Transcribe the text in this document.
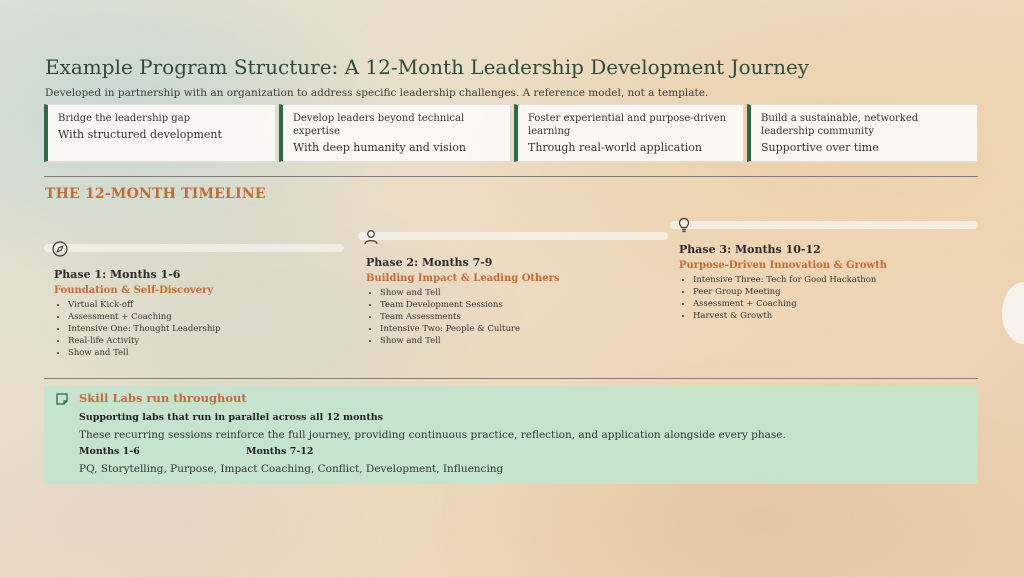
Example Program Structure: A 12-Month Leadership Development Journey
Developed in partnership with an organization to address specific leadership challenges. A reference model, not a template.
Bridge the leadership gap
With structured development
Develop leaders beyond technical expertise
With deep humanity and vision
Foster experiential and purpose-driven learning
Through real-world application
Build a sustainable, networked leadership community
Supportive over time
THE 12-MONTH TIMELINE
Phase 1: Months 1-6
Foundation & Self-Discovery
• Virtual Kick-off
• Assessment + Coaching
• Intensive One: Thought Leadership
• Real-life Activity
• Show and Tell
Phase 2: Months 7-9
Building Impact & Leading Others
• Show and Tell
• Team Development Sessions
• Team Assessments
• Intensive Two: People & Culture
• Show and Tell
Phase 3: Months 10-12
Purpose-Driven Innovation & Growth
• Intensive Three: Tech for Good Hackathon
• Peer Group Meeting
• Assessment + Coaching
• Harvest & Growth
Skill Labs run throughout
Supporting labs that run in parallel across all 12 months
These recurring sessions reinforce the full journey, providing continuous practice, reflection, and application alongside every phase.
Months 1-6	Months 7-12
PQ, Storytelling, Purpose, Impact Coaching, Conflict, Development, Influencing
